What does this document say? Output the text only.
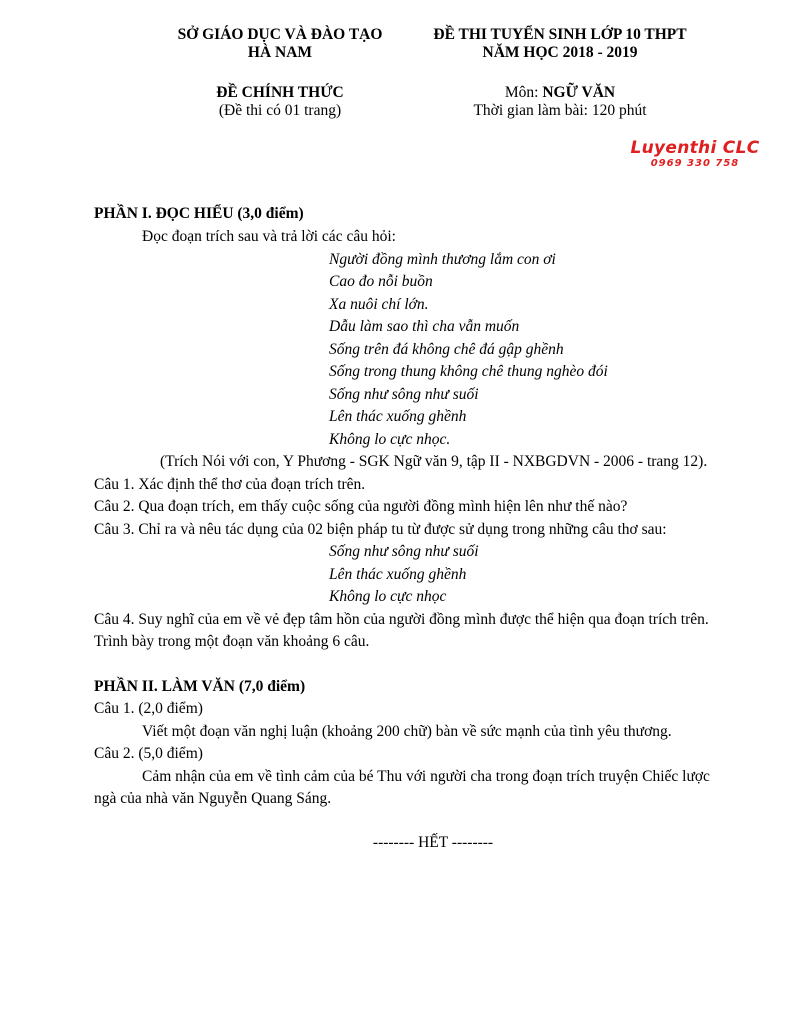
SỞ GIÁO DỤC VÀ ĐÀO TẠO
HÀ NAM
ĐỀ THI TUYỂN SINH LỚP 10 THPT
NĂM HỌC 2018 - 2019
ĐỀ CHÍNH THỨC
(Đề thi có 01 trang)
Môn: NGỮ VĂN
Thời gian làm bài: 120 phút
Luyenthi CLC
0969 330 758
PHẦN I. ĐỌC HIỂU (3,0 điểm)
Đọc đoạn trích sau và trả lời các câu hỏi:
Người đồng mình thương lắm con ơi
Cao đo nỗi buồn
Xa nuôi chí lớn.
Dẫu làm sao thì cha vẫn muốn
Sống trên đá không chê đá gập ghềnh
Sống trong thung không chê thung nghèo đói
Sống như sông như suối
Lên thác xuống ghềnh
Không lo cực nhọc.
(Trích Nói với con, Y Phương - SGK Ngữ văn 9, tập II - NXBGDVN - 2006 - trang 12).
Câu 1. Xác định thể thơ của đoạn trích trên.
Câu 2. Qua đoạn trích, em thấy cuộc sống của người đồng mình hiện lên như thế nào?
Câu 3. Chỉ ra và nêu tác dụng của 02 biện pháp tu từ được sử dụng trong những câu thơ sau:
Sống như sông như suối
Lên thác xuống ghềnh
Không lo cực nhọc
Câu 4. Suy nghĩ của em về vẻ đẹp tâm hồn của người đồng mình được thể hiện qua đoạn trích trên.
Trình bày trong một đoạn văn khoảng 6 câu.
PHẦN II. LÀM VĂN (7,0 điểm)
Câu 1. (2,0 điểm)
Viết một đoạn văn nghị luận (khoảng 200 chữ) bàn về sức mạnh của tình yêu thương.
Câu 2. (5,0 điểm)
Cảm nhận của em về tình cảm của bé Thu với người cha trong đoạn trích truyện Chiếc lược
ngà của nhà văn Nguyễn Quang Sáng.
-------- HẾT --------
